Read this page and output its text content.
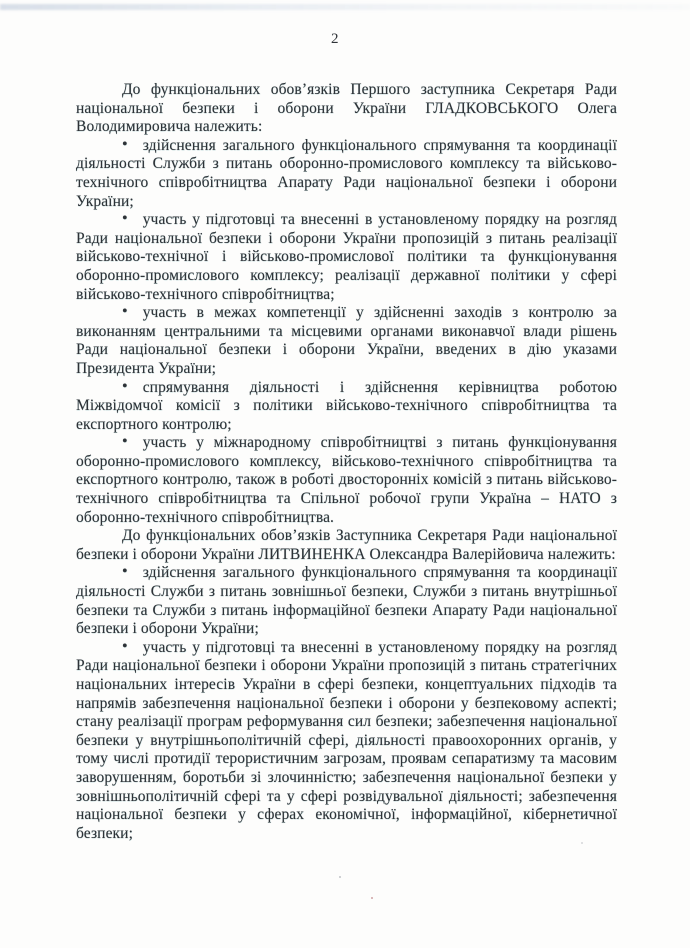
2

До функціональних обов’язків Першого заступника Секретаря Ради національної безпеки і оборони України ГЛАДКОВСЬКОГО Олега Володимировича належить:

• здійснення загального функціонального спрямування та координації діяльності Служби з питань оборонно-промислового комплексу та військово-технічного співробітництва Апарату Ради національної безпеки і оборони України;

• участь у підготовці та внесенні в установленому порядку на розгляд Ради національної безпеки і оборони України пропозицій з питань реалізації військово-технічної і військово-промислової політики та функціонування оборонно-промислового комплексу; реалізації державної політики у сфері військово-технічного співробітництва;

• участь в межах компетенції у здійсненні заходів з контролю за виконанням центральними та місцевими органами виконавчої влади рішень Ради національної безпеки і оборони України, введених в дію указами Президента України;

• спрямування діяльності і здійснення керівництва роботою Міжвідомчої комісії з політики військово-технічного співробітництва та експортного контролю;

• участь у міжнародному співробітництві з питань функціонування оборонно-промислового комплексу, військово-технічного співробітництва та експортного контролю, також в роботі двосторонніх комісій з питань військово-технічного співробітництва та Спільної робочої групи Україна – НАТО з оборонно-технічного співробітництва.

До функціональних обов’язків Заступника Секретаря Ради національної безпеки і оборони України ЛИТВИНЕНКА Олександра Валерійовича належить:

• здійснення загального функціонального спрямування та координації діяльності Служби з питань зовнішньої безпеки, Служби з питань внутрішньої безпеки та Служби з питань інформаційної безпеки Апарату Ради національної безпеки і оборони України;

• участь у підготовці та внесенні в установленому порядку на розгляд Ради національної безпеки і оборони України пропозицій з питань стратегічних національних інтересів України в сфері безпеки, концептуальних підходів та напрямів забезпечення національної безпеки і оборони у безпековому аспекті; стану реалізації програм реформування сил безпеки; забезпечення національної безпеки у внутрішньополітичній сфері, діяльності правоохоронних органів, у тому числі протидії терористичним загрозам, проявам сепаратизму та масовим заворушенням, боротьби зі злочинністю; забезпечення національної безпеки у зовнішньополітичній сфері та у сфері розвідувальної діяльності; забезпечення національної безпеки у сферах економічної, інформаційної, кібернетичної безпеки;
